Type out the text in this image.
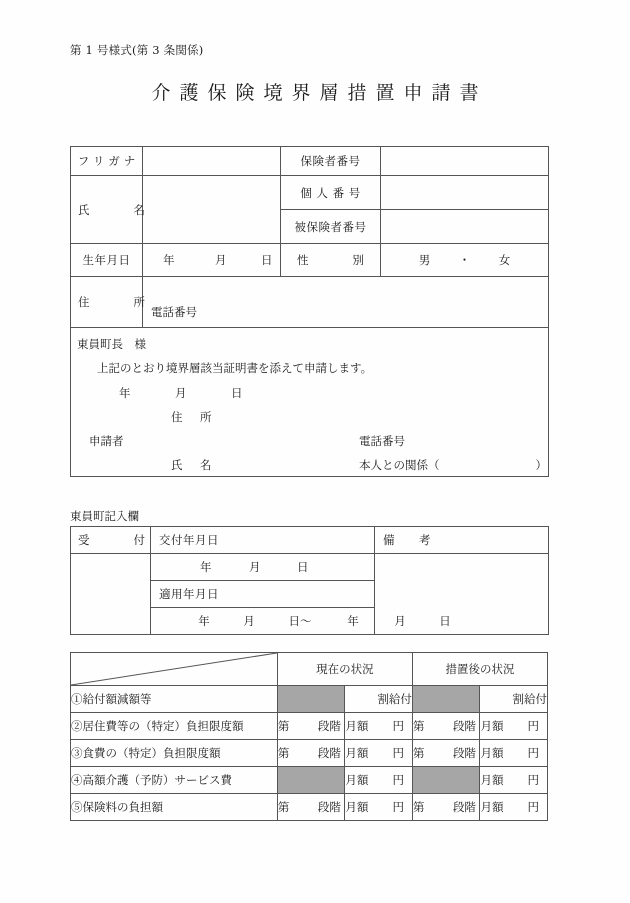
第 1 号様式(第 3 条関係)
介護保険境界層措置申請書
フリガナ		保険者番号	

氏　　名		個 人 番 号	

		被保険者番号	

生年月日	年 月 日	性　　別	男 ・ 女

住　　所	電話番号		

東員町長　様
上記のとおり境界層該当証明書を添えて申請します。
年	月	日
住　所
申請者	電話番号
氏　名	本人との関係（	）
東員町記入欄
受　　付	交付年月日	備　　考

	年 月 日	

	適用年月日	

	年 月 日〜 年 月 日	
	現在の状況		措置後の状況	
①給付額減額等		割給付		割給付
②居住費等の（特定）負担限度額	第 段階	月額 円	第 段階	月額 円

③食費の（特定）負担限度額	第 段階	月額 円	第 段階	月額 円

④高額介護（予防）サービス費		月額 円		月額 円

⑤保険料の負担額	第 段階	月額 円	第 段階	月額 円
